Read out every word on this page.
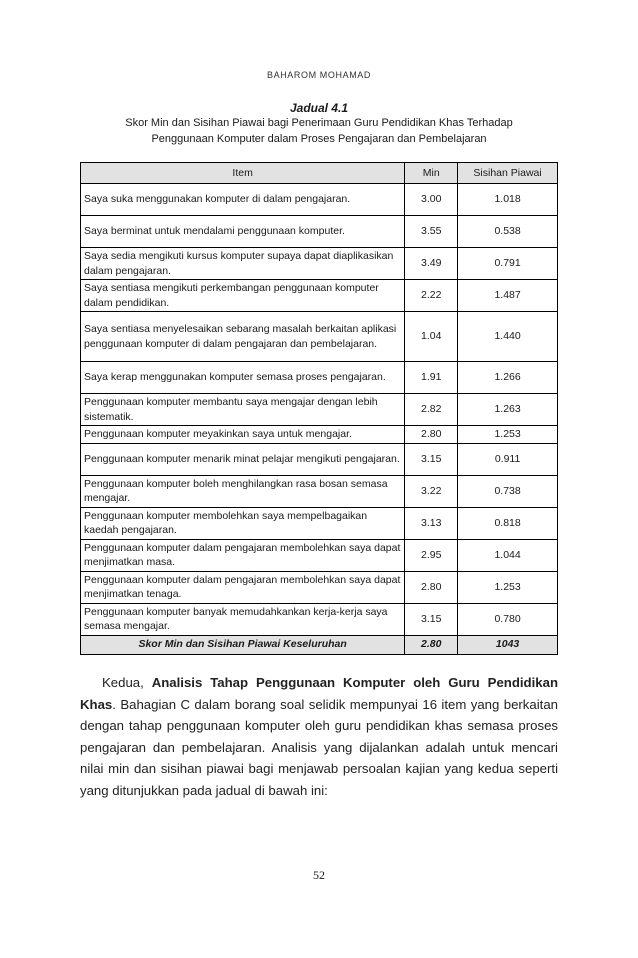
BAHAROM MOHAMAD
Jadual 4.1
Skor Min dan Sisihan Piawai bagi Penerimaan Guru Pendidikan Khas Terhadap
Penggunaan Komputer dalam Proses Pengajaran dan Pembelajaran
Item	Min	Sisihan Piawai
Saya suka menggunakan komputer di dalam pengajaran.	3.00	1.018
Saya berminat untuk mendalami penggunaan komputer.	3.55	0.538
Saya sedia mengikuti kursus komputer supaya dapat diaplikasikan dalam pengajaran.	3.49	0.791
Saya sentiasa mengikuti perkembangan penggunaan komputer dalam pendidikan.	2.22	1.487
Saya sentiasa menyelesaikan sebarang masalah berkaitan aplikasi penggunaan komputer di dalam pengajaran dan pembelajaran.	1.04	1.440
Saya kerap menggunakan komputer semasa proses pengajaran.	1.91	1.266
Penggunaan komputer membantu saya mengajar dengan lebih sistematik.	2.82	1.263
Penggunaan komputer meyakinkan saya untuk mengajar.	2.80	1.253
Penggunaan komputer menarik minat pelajar mengikuti pengajaran.	3.15	0.911
Penggunaan komputer boleh menghilangkan rasa bosan semasa mengajar.	3.22	0.738
Penggunaan komputer membolehkan saya mempelbagaikan kaedah pengajaran.	3.13	0.818
Penggunaan komputer dalam pengajaran membolehkan saya dapat menjimatkan masa.	2.95	1.044
Penggunaan komputer dalam pengajaran membolehkan saya dapat menjimatkan tenaga.	2.80	1.253
Penggunaan komputer banyak memudahkankan kerja-kerja saya semasa mengajar.	3.15	0.780
Skor Min dan Sisihan Piawai Keseluruhan	2.80	1043
Kedua, Analisis Tahap Penggunaan Komputer oleh Guru Pendidikan Khas. Bahagian C dalam borang soal selidik mempunyai 16 item yang berkaitan dengan tahap penggunaan komputer oleh guru pendidikan khas semasa proses pengajaran dan pembelajaran. Analisis yang dijalankan adalah untuk mencari nilai min dan sisihan piawai bagi menjawab persoalan kajian yang kedua seperti yang ditunjukkan pada jadual di bawah ini:
52
